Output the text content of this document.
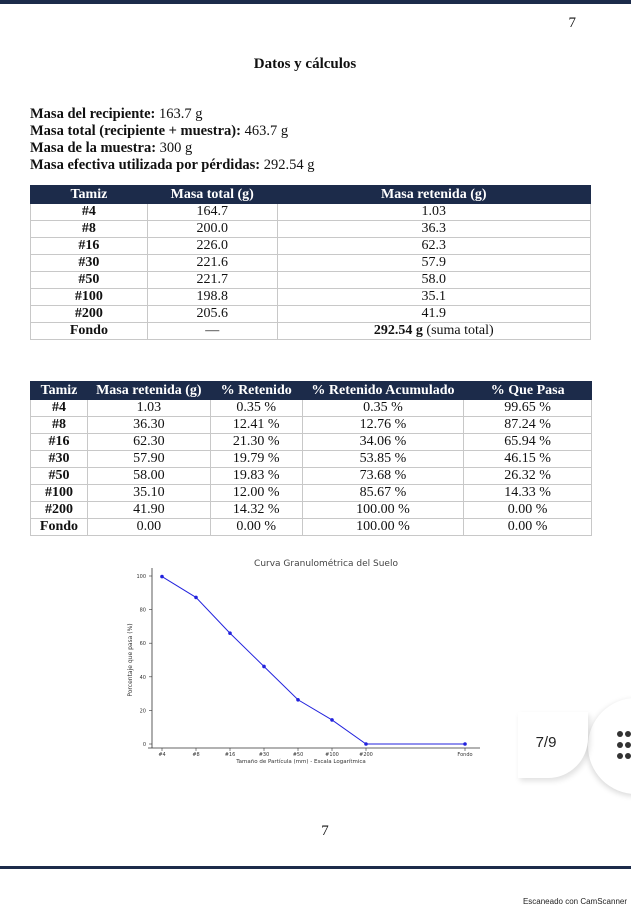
7
Datos y cálculos
Masa del recipiente: 163.7 g
Masa total (recipiente + muestra): 463.7 g
Masa de la muestra: 300 g
Masa efectiva utilizada por pérdidas: 292.54 g
Tamiz	Masa total (g)	Masa retenida (g)
#4	164.7	1.03
#8	200.0	36.3
#16	226.0	62.3
#30	221.6	57.9
#50	221.7	58.0
#100	198.8	35.1
#200	205.6	41.9
Fondo	—	292.54 g (suma total)
Tamiz	Masa retenida (g)	% Retenido	% Retenido Acumulado	% Que Pasa
#4	1.03	0.35 %	0.35 %	99.65 %
#8	36.30	12.41 %	12.76 %	87.24 %
#16	62.30	21.30 %	34.06 %	65.94 %
#30	57.90	19.79 %	53.85 %	46.15 %
#50	58.00	19.83 %	73.68 %	26.32 %
#100	35.10	12.00 %	85.67 %	14.33 %
#200	41.90	14.32 %	100.00 %	0.00 %
Fondo	0.00	0.00 %	100.00 %	0.00 %
Curva Granulométrica del Suelo
0
20
40
60
80
100
Porcentaje que pasa (%)
#4	#8	#16	#30	#50	#100	#200	Fondo
Tamaño de Partícula (mm) - Escala Logarítmica
7/9
7
Escaneado con CamScanner
